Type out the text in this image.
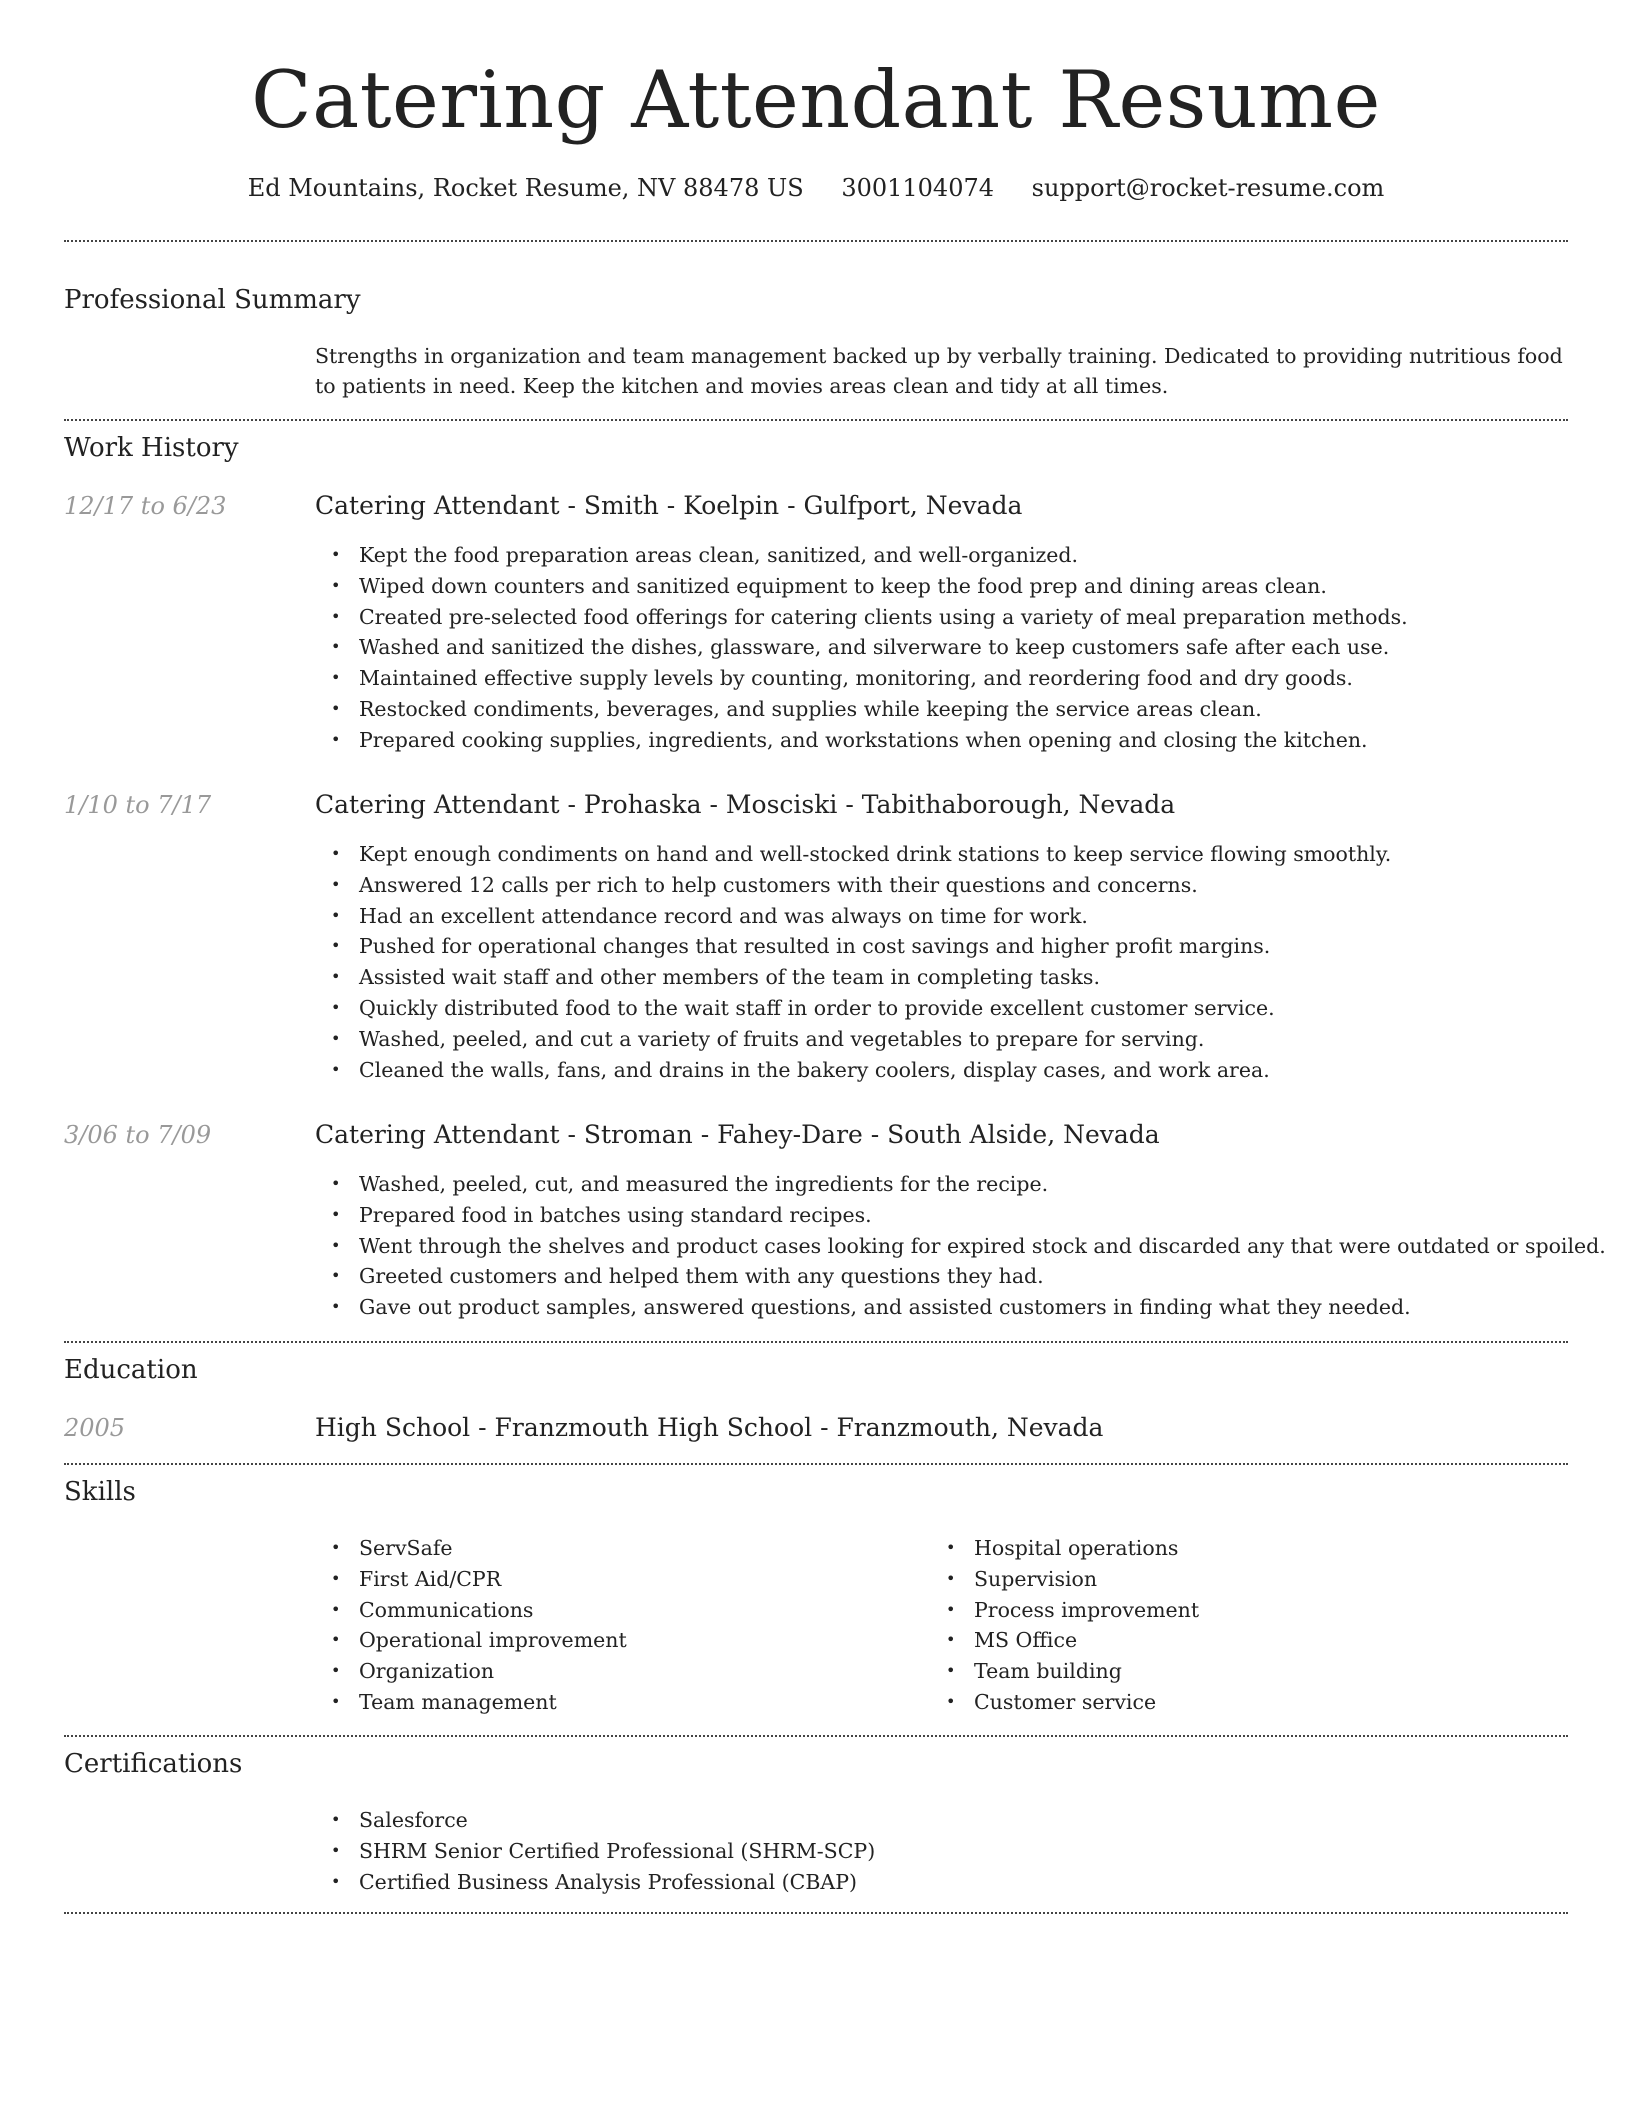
Catering Attendant Resume
Ed Mountains, Rocket Resume, NV 88478 US 3001104074 support@rocket-resume.com
Professional Summary

Strengths in organization and team management backed up by verbally training. Dedicated to providing nutritious food to patients in need. Keep the kitchen and movies areas clean and tidy at all times.

Work History
12/17 to 6/23	Catering Attendant - Smith - Koelpin - Gulfport, Nevada
• Kept the food preparation areas clean, sanitized, and well-organized.
• Wiped down counters and sanitized equipment to keep the food prep and dining areas clean.
• Created pre-selected food offerings for catering clients using a variety of meal preparation methods.
• Washed and sanitized the dishes, glassware, and silverware to keep customers safe after each use.
• Maintained effective supply levels by counting, monitoring, and reordering food and dry goods.
• Restocked condiments, beverages, and supplies while keeping the service areas clean.
• Prepared cooking supplies, ingredients, and workstations when opening and closing the kitchen.
1/10 to 7/17	Catering Attendant - Prohaska - Mosciski - Tabithaborough, Nevada
• Kept enough condiments on hand and well-stocked drink stations to keep service flowing smoothly.
• Answered 12 calls per rich to help customers with their questions and concerns.
• Had an excellent attendance record and was always on time for work.
• Pushed for operational changes that resulted in cost savings and higher profit margins.
• Assisted wait staff and other members of the team in completing tasks.
• Quickly distributed food to the wait staff in order to provide excellent customer service.
• Washed, peeled, and cut a variety of fruits and vegetables to prepare for serving.
• Cleaned the walls, fans, and drains in the bakery coolers, display cases, and work area.
3/06 to 7/09	Catering Attendant - Stroman - Fahey-Dare - South Alside, Nevada
• Washed, peeled, cut, and measured the ingredients for the recipe.
• Prepared food in batches using standard recipes.
• Went through the shelves and product cases looking for expired stock and discarded any that were outdated or spoiled.
• Greeted customers and helped them with any questions they had.
• Gave out product samples, answered questions, and assisted customers in finding what they needed.
Education
2005	High School - Franzmouth High School - Franzmouth, Nevada
Skills
• ServSafe
• First Aid/CPR
• Communications
• Operational improvement
• Organization
• Team management
• Hospital operations
• Supervision
• Process improvement
• MS Office
• Team building
• Customer service
Certifications
• Salesforce
• SHRM Senior Certified Professional (SHRM-SCP)
• Certified Business Analysis Professional (CBAP)
